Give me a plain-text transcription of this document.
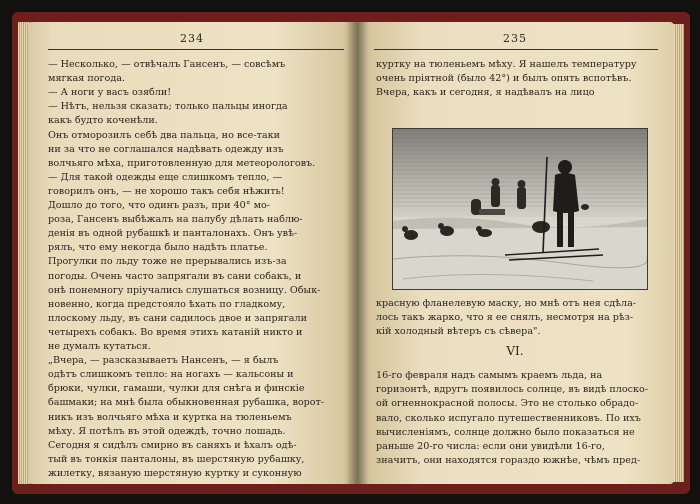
234
— Несколько, — отвѣчалъ Гансенъ, — совсѣмъ
мягкая погода.
— А ноги у васъ озябли!
— Нѣтъ, нельзя сказать; только пальцы иногда
какъ будто коченѣли.
Онъ отморозилъ себѣ два пальца, но все-таки
ни за что не соглашался надѣвать одежду изъ
волчьяго мѣха, приготовленную для метеорологовъ.
— Для такой одежды еще слишкомъ тепло, —
говорилъ онъ, — не хорошо такъ себя нѣжить!
Дошло до того, что одинъ разъ, при 40° мо-
роза, Гансенъ выбѣжалъ на палубу дѣлать наблю-
денія въ одной рубашкѣ и панталонахъ. Онъ увѣ-
рялъ, что ему некогда было надѣть платье.
Прогулки по льду тоже не прерывались изъ-за
погоды. Очень часто запрягали въ сани собакъ, и
онѣ понемногу пріучались слушаться возницу. Обык-
новенно, когда предстояло ѣхать по гладкому,
плоскому льду, въ сани садилось двое и запрягали
четырехъ собакъ. Во время этихъ катаній никто и
не думалъ кутаться.
„Вчера, — разсказываетъ Нансенъ, — я былъ
одѣтъ слишкомъ тепло: на ногахъ — кальсоны и
брюки, чулки, гамаши, чулки для снѣга и финскіе
башмаки; на мнѣ была обыкновенная рубашка, ворот-
никъ изъ волчьяго мѣха и куртка на тюленьемъ
мѣху. Я потѣлъ въ этой одеждѣ, точно лошадь.
Сегодня я сидѣлъ смирно въ саняхъ и ѣхалъ одѣ-
тый въ тонкія панталоны, въ шерстяную рубашку,
жилетку, вязаную шерстяную куртку и суконную
235
куртку на тюленьемъ мѣху. Я нашелъ температуру
очень пріятной (было 42°) и былъ опять вспотѣвъ.
Вчера, какъ и сегодня, я надѣвалъ на лицо
красную фланелевую маску, но мнѣ отъ нея сдѣла-
лось такъ жарко, что я ее снялъ, несмотря на рѣз-
кій холодный вѣтеръ съ сѣвера".
VI.
16-го февраля надъ самымъ краемъ льда, на
горизонтѣ, вдругъ появилось солнце, въ видѣ плоско-
ой огненнокрасной полосы. Это не столько обрадо-
вало, сколько испугало путешественниковъ. По ихъ
вычисленіямъ, солнце должно было показаться не
раньше 20-го числа: если они увидѣли 16-го,
значитъ, они находятся гораздо южнѣе, чѣмъ пред-
